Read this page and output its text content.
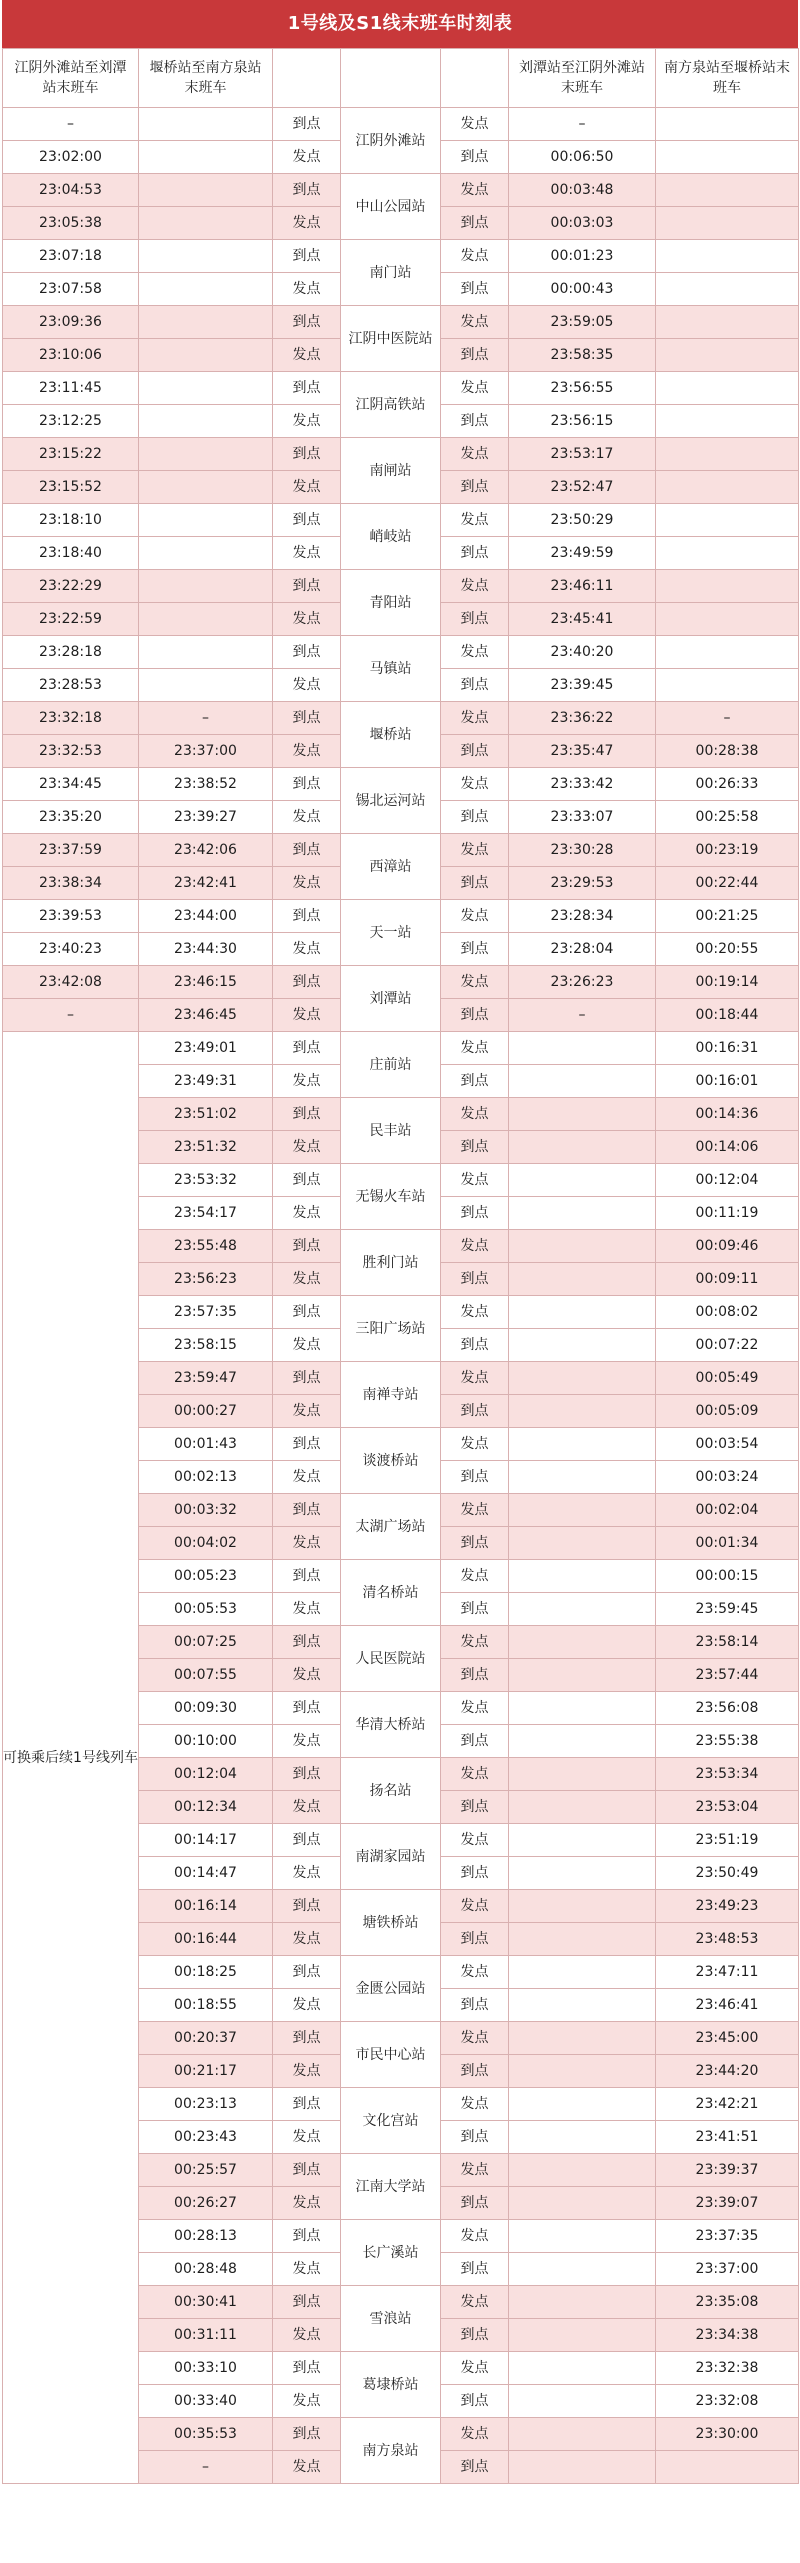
1号线及S1线末班车时刻表
江阴外滩站至刘潭站末班车	堰桥站至南方泉站末班车				刘潭站至江阴外滩站末班车	南方泉站至堰桥站末班车
–		到点	江阴外滩站	发点	–	
23:02:00		发点		到点	00:06:50	
23:04:53		到点	中山公园站	发点	00:03:48	
23:05:38		发点		到点	00:03:03	
23:07:18		到点	南门站	发点	00:01:23	
23:07:58		发点		到点	00:00:43	
23:09:36		到点	江阴中医院站	发点	23:59:05	
23:10:06		发点		到点	23:58:35	
23:11:45		到点	江阴高铁站	发点	23:56:55	
23:12:25		发点		到点	23:56:15	
23:15:22		到点	南闸站	发点	23:53:17	
23:15:52		发点		到点	23:52:47	
23:18:10		到点	峭岐站	发点	23:50:29	
23:18:40		发点		到点	23:49:59	
23:22:29		到点	青阳站	发点	23:46:11	
23:22:59		发点		到点	23:45:41	
23:28:18		到点	马镇站	发点	23:40:20	
23:28:53		发点		到点	23:39:45	
23:32:18	–	到点	堰桥站	发点	23:36:22	–
23:32:53	23:37:00	发点		到点	23:35:47	00:28:38
23:34:45	23:38:52	到点	锡北运河站	发点	23:33:42	00:26:33
23:35:20	23:39:27	发点		到点	23:33:07	00:25:58
23:37:59	23:42:06	到点	西漳站	发点	23:30:28	00:23:19
23:38:34	23:42:41	发点		到点	23:29:53	00:22:44
23:39:53	23:44:00	到点	天一站	发点	23:28:34	00:21:25
23:40:23	23:44:30	发点		到点	23:28:04	00:20:55
23:42:08	23:46:15	到点	刘潭站	发点	23:26:23	00:19:14
–	23:46:45	发点		到点	–	00:18:44
可换乘后续1号线列车	23:49:01	到点	庄前站	发点		00:16:31
	23:49:31	发点		到点		00:16:01
	23:51:02	到点	民丰站	发点		00:14:36
	23:51:32	发点		到点		00:14:06
	23:53:32	到点	无锡火车站	发点		00:12:04
	23:54:17	发点		到点		00:11:19
	23:55:48	到点	胜利门站	发点		00:09:46
	23:56:23	发点		到点		00:09:11
	23:57:35	到点	三阳广场站	发点		00:08:02
	23:58:15	发点		到点		00:07:22
	23:59:47	到点	南禅寺站	发点		00:05:49
	00:00:27	发点		到点		00:05:09
	00:01:43	到点	谈渡桥站	发点		00:03:54
	00:02:13	发点		到点		00:03:24
	00:03:32	到点	太湖广场站	发点		00:02:04
	00:04:02	发点		到点		00:01:34
	00:05:23	到点	清名桥站	发点		00:00:15
	00:05:53	发点		到点		23:59:45
	00:07:25	到点	人民医院站	发点		23:58:14
	00:07:55	发点		到点		23:57:44
	00:09:30	到点	华清大桥站	发点		23:56:08
	00:10:00	发点		到点		23:55:38
	00:12:04	到点	扬名站	发点		23:53:34
	00:12:34	发点		到点		23:53:04
	00:14:17	到点	南湖家园站	发点		23:51:19
	00:14:47	发点		到点		23:50:49
	00:16:14	到点	塘铁桥站	发点		23:49:23
	00:16:44	发点		到点		23:48:53
	00:18:25	到点	金匮公园站	发点		23:47:11
	00:18:55	发点		到点		23:46:41
	00:20:37	到点	市民中心站	发点		23:45:00
	00:21:17	发点		到点		23:44:20
	00:23:13	到点	文化宫站	发点		23:42:21
	00:23:43	发点		到点		23:41:51
	00:25:57	到点	江南大学站	发点		23:39:37
	00:26:27	发点		到点		23:39:07
	00:28:13	到点	长广溪站	发点		23:37:35
	00:28:48	发点		到点		23:37:00
	00:30:41	到点	雪浪站	发点		23:35:08
	00:31:11	发点		到点		23:34:38
	00:33:10	到点	葛埭桥站	发点		23:32:38
	00:33:40	发点		到点		23:32:08
	00:35:53	到点	南方泉站	发点		23:30:00
	–	发点		到点		
